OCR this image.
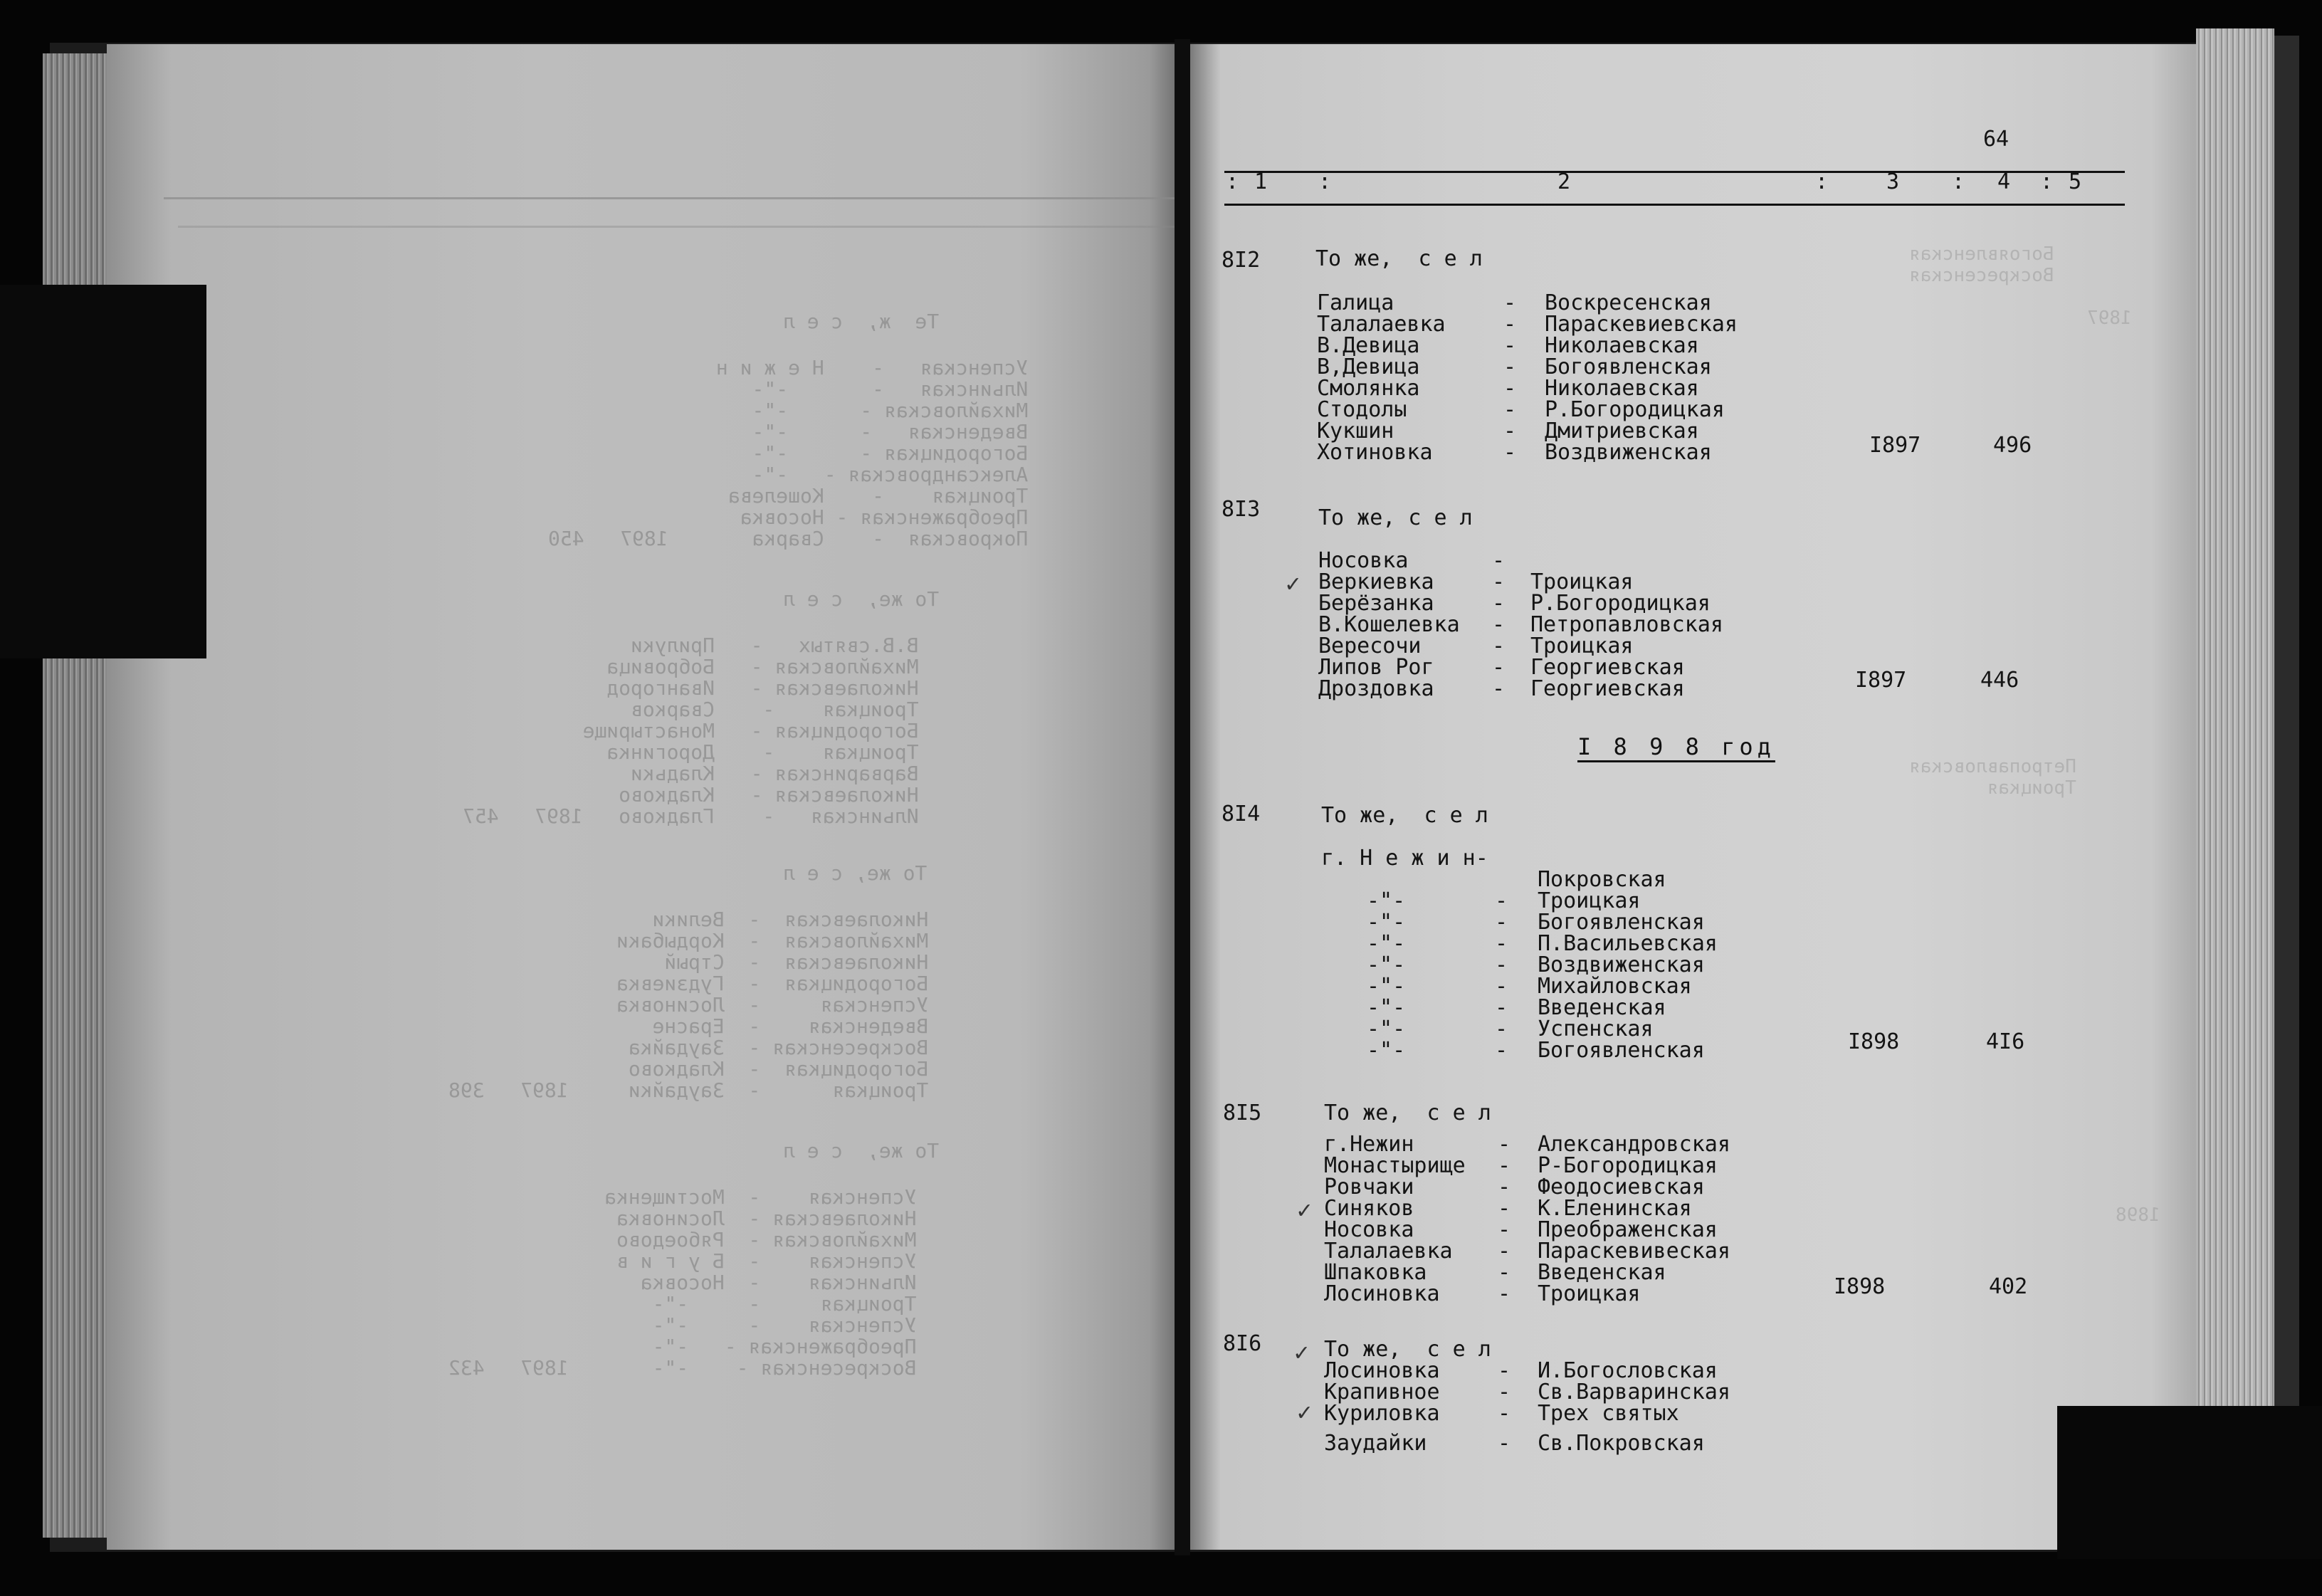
Te  ж,  с е л
Успенская   -    Н е ж и н
Ильинская   -       -"-
Михайловская -      -"-
Введенская   -      -"-
Богородицкая -      -"-
Александровская -   -"-
Троицкая    -    Кошелева
Преображенская - Носовка
Покровская  -    Сварка       1897   450
То же,  с е л
В.В.святых   -   Прилуки
Михайловская -   Бобровица
Николаевская -   Ивангород
Троицкая    -    Сварков
Богородицкая -   Монастырище
Троицкая    -    Дорогинка
Варваринская -   Кладьки
Николаевская -   Кладково
Ильинская   -    Гладково   1897   457
То же, с е л
Николаевская  -  Велики
Михайловская  -  Кордыбаки
Николаевская  -  Стрый
Богородицкая  -  Гудзиевка
Успенская     -  Лосиновка
Введенская    -  Ерасне
Воскресенская -  Заудайка
Богородицкая  -  Кладково
Троицкая      -  Заудайки     1897   398
То же,  с е л
Успенская    -  Мостищенка
Николаевская -  Лосиновка
Михайловская -  Рябоедово
Успенская    -  Б у г и в
Ильинская    -  Носовка
Троицкая     -     -"-
Успенская    -     -"-
Преображенская -   -"-
Воскресенская -    -"-       1897   432
Богоявленская
Воскресенская
1897
Петропавловская
Троицкая
1898
64
: 1 :	2	:	3 : 4 : 5
8I2	То же,  с е л
Галица	- Воскресенская
Талалаевка	- Параскевиевская
В.Девица	- Николаевская
В,Девица	- Богоявленская
Смолянка	- Николаевская
Стодолы	- Р.Богородицкая
Кукшин	- Дмитриевская
Хотиновка	- Воздвиженская	I897	496
8I3	То же, с е л
Носовка	-
Веркиевка	- Троицкая
Берёзанка	- Р.Богородицкая
В.Кошелевка - Петропавловская
Вересочи	- Троицкая
Липов Рог	- Георгиевская
Дроздовка	- Георгиевская	I897	446
✓
I 8 9 8 год
8I4	То же,  с е л
г. Н е ж и н-
Покровская
-"-	- Троицкая
-"-	- Богоявленская
-"-	- П.Васильевская
-"-	- Воздвиженская
-"-	- Михайловская
-"-	- Введенская
-"-	- Успенская
-"-	- Богоявленская	I898	4I6
8I5	То же,  с е л
г.Нежин	- Александровская
Монастырище - Р-Богородицкая
Ровчаки	- Феодосиевская
Синяков	- К.Еленинская
Носовка	- Преображенская
Талалаевка - Параскевивеская
Шпаковка	- Введенская
Лосиновка	- Троицкая	I898	402
✓
8I6	То же,  с е л
Лосиновка	- И.Богословская
Крапивное	- Св.Варваринская
Куриловка	- Трех святых
Заудайки	- Св.Покровская
✓
✓
